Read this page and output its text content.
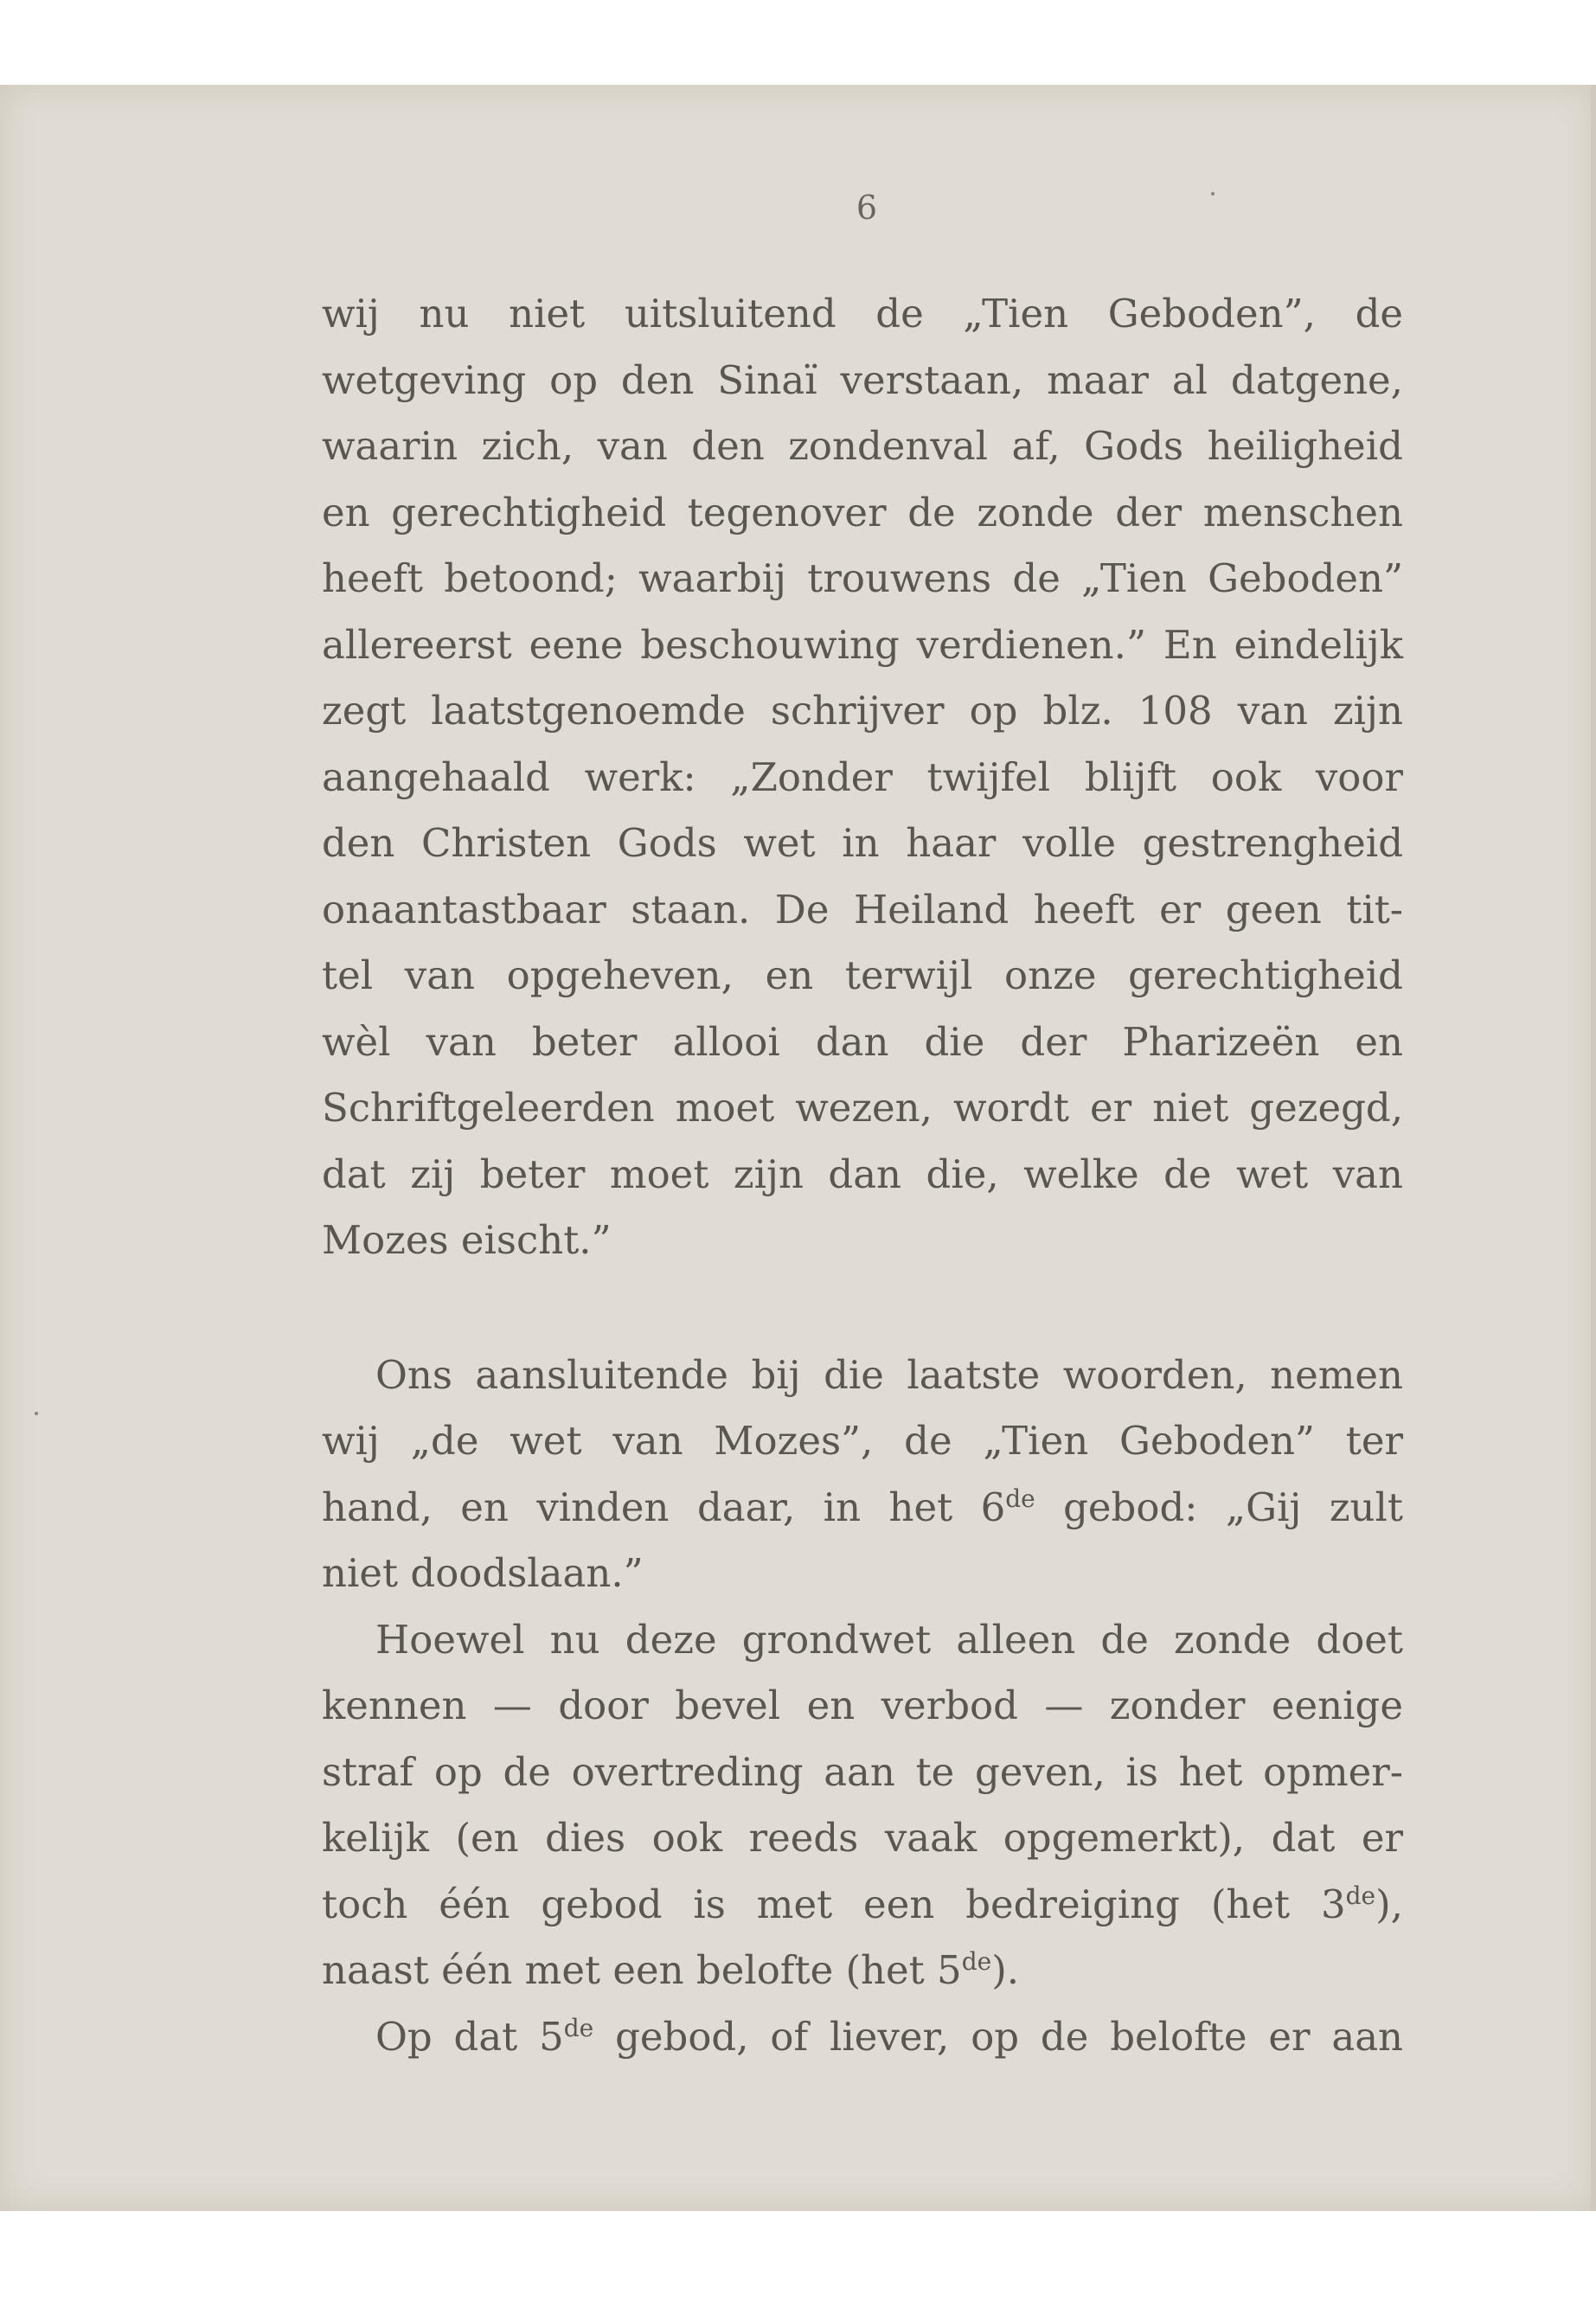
6
wij nu niet uitsluitend de „Tien Geboden”, de
wetgeving op den Sinaï verstaan, maar al datgene,
waarin zich, van den zondenval af, Gods heiligheid
en gerechtigheid tegenover de zonde der menschen
heeft betoond; waarbij trouwens de „Tien Geboden”
allereerst eene beschouwing verdienen.” En eindelijk
zegt laatstgenoemde schrijver op blz. 108 van zijn
aangehaald werk: „Zonder twijfel blijft ook voor
den Christen Gods wet in haar volle gestrengheid
onaantastbaar staan. De Heiland heeft er geen tit-
tel van opgeheven, en terwijl onze gerechtigheid
wèl van beter allooi dan die der Pharizeën en
Schriftgeleerden moet wezen, wordt er niet gezegd,
dat zij beter moet zijn dan die, welke de wet van
Mozes eischt.”
Ons aansluitende bij die laatste woorden, nemen
wij „de wet van Mozes”, de „Tien Geboden” ter
hand, en vinden daar, in het 6de gebod: „Gij zult
niet doodslaan.”
Hoewel nu deze grondwet alleen de zonde doet
kennen — door bevel en verbod — zonder eenige
straf op de overtreding aan te geven, is het opmer-
kelijk (en dies ook reeds vaak opgemerkt), dat er
toch één gebod is met een bedreiging (het 3de),
naast één met een belofte (het 5de).
Op dat 5de gebod, of liever, op de belofte er aan
